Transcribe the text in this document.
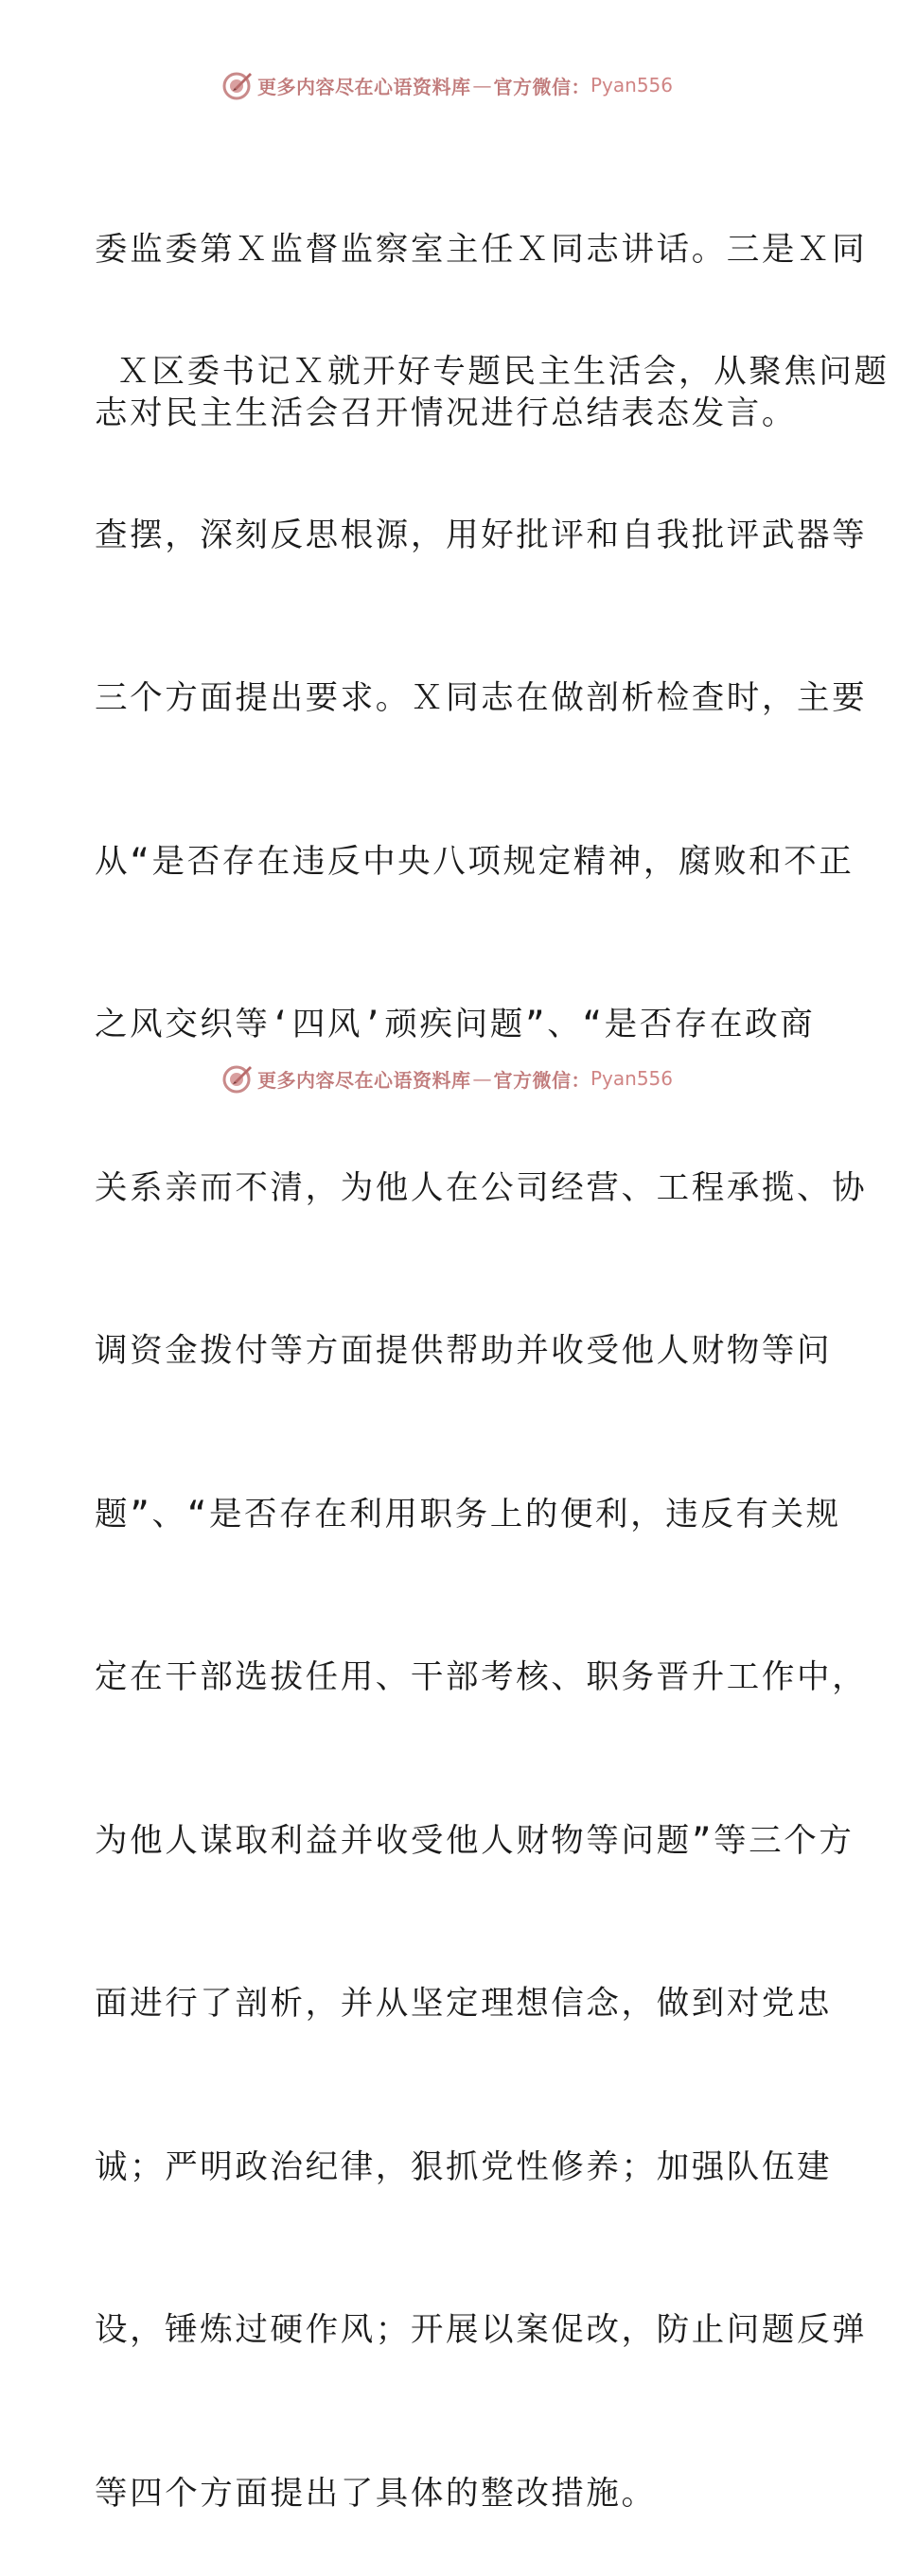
更多内容尽在心语资料库 — 官方微信： Pyan556

委监委第Ｘ监督监察室主任Ｘ同志讲话。三是Ｘ同

志对民主生活会召开情况进行总结表态发言。

Ｘ区委书记Ｘ就开好专题民主生活会，从聚焦问题

查摆，深刻反思根源，用好批评和自我批评武器等

三个方面提出要求。Ｘ同志在做剖析检查时，主要

从“是否存在违反中央八项规定精神，腐败和不正

之风交织等‘四风’顽疾问题”、“是否存在政商

关系亲而不清，为他人在公司经营、工程承揽、协

调资金拨付等方面提供帮助并收受他人财物等问

题”、“是否存在利用职务上的便利，违反有关规

定在干部选拔任用、干部考核、职务晋升工作中，

为他人谋取利益并收受他人财物等问题”等三个方

面进行了剖析，并从坚定理想信念，做到对党忠

诚；严明政治纪律，狠抓党性修养；加强队伍建

设，锤炼过硬作风；开展以案促改，防止问题反弹

等四个方面提出了具体的整改措施。

更多内容尽在心语资料库 — 官方微信： Pyan556
